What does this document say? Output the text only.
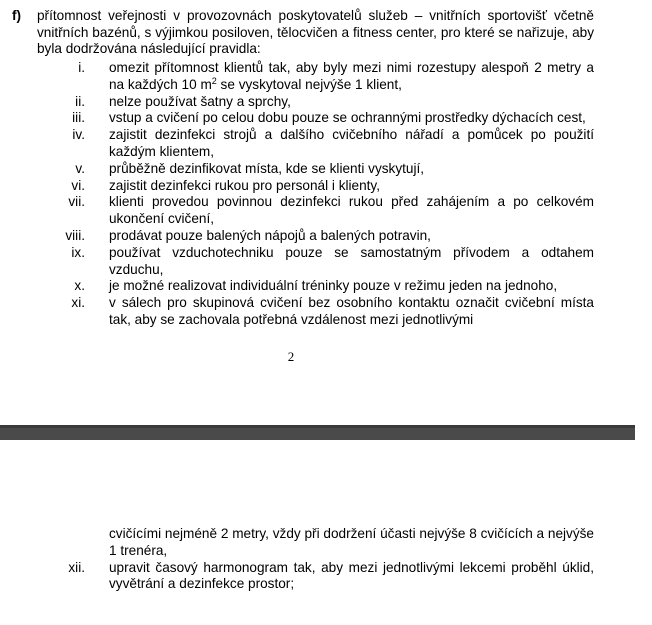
f) přítomnost veřejnosti v provozovnách poskytovatelů služeb – vnitřních sportovišť včetně vnitřních bazénů, s výjimkou posiloven, tělocvičen a fitness center, pro které se nařizuje, aby byla dodržována následující pravidla:
i. omezit přítomnost klientů tak, aby byly mezi nimi rozestupy alespoň 2 metry a na každých 10 $m^2$ se vyskytoval nejvýše 1 klient,
ii. nelze používat šatny a sprchy,
iii. vstup a cvičení po celou dobu pouze se ochrannými prostředky dýchacích cest,
iv. zajistit dezinfekci strojů a dalšího cvičebního nářadí a pomůcek po použití každým klientem,
v. průběžně dezinfikovat místa, kde se klienti vyskytují,
vi. zajistit dezinfekci rukou pro personál i klienty,
vii. klienti provedou povinnou dezinfekci rukou před zahájením a po celkovém ukončení cvičení,
viii. prodávat pouze balených nápojů a balených potravin,
ix. používat vzduchotechniku pouze se samostatným přívodem a odtahem vzduchu,
x. je možné realizovat individuální tréninky pouze v režimu jeden na jednoho,
xi. v sálech pro skupinová cvičení bez osobního kontaktu označit cvičební místa tak, aby se zachovala potřebná vzdálenost mezi jednotlivými
2
cvičícími nejméně 2 metry, vždy při dodržení účasti nejvýše 8 cvičících a nejvýše 1 trenéra,
xii. upravit časový harmonogram tak, aby mezi jednotlivými lekcemi proběhl úklid, vyvětrání a dezinfekce prostor;
